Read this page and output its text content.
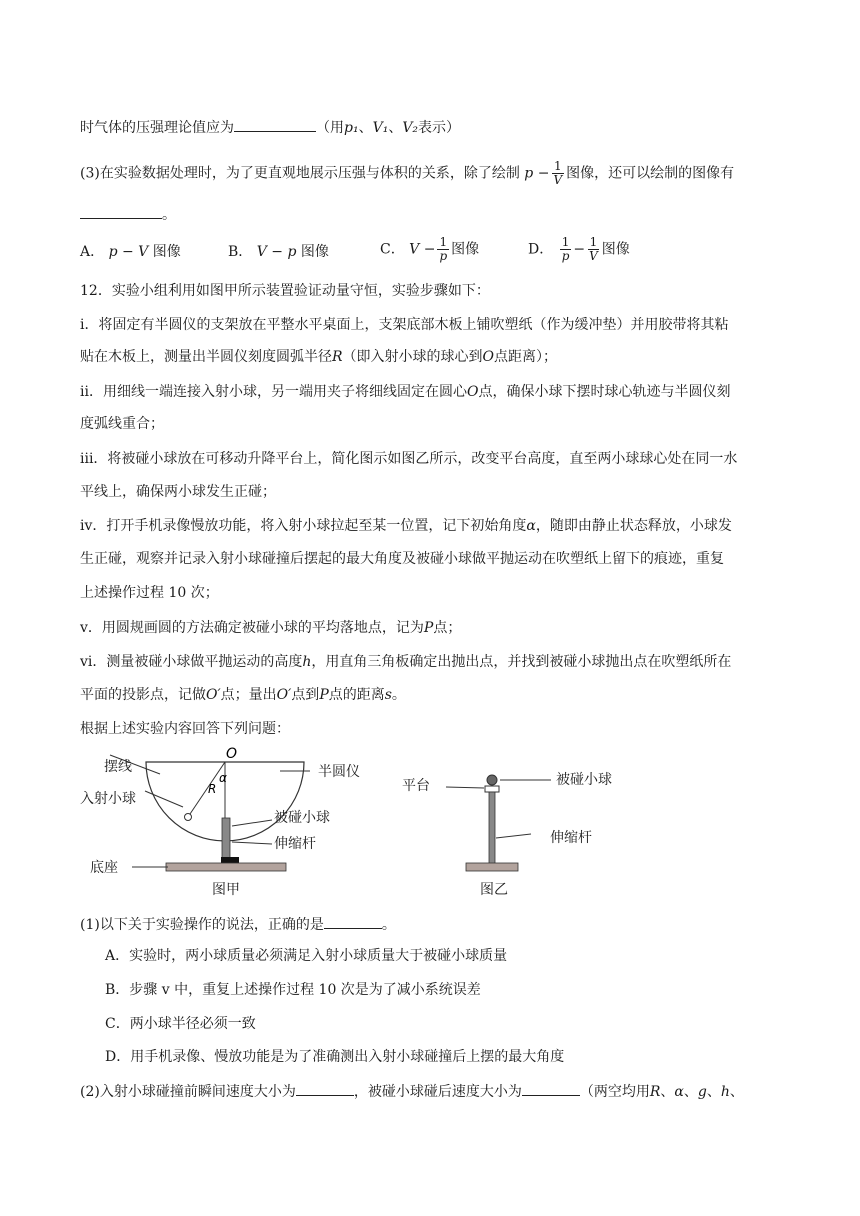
时气体的压强理论值应为	（用p₁、V₁、V₂表示）
(3)在实验数据处理时，为了更直观地展示压强与体积的关系，除了绘制 $p - \frac{1}{V}$ 图像，还可以绘制的图像有
。
A． p − V 图像	B． V − p 图像	C． $V - \frac{1}{p}$ 图像	D． $\frac{1}{p} - \frac{1}{V}$ 图像
12．实验小组利用如图甲所示装置验证动量守恒，实验步骤如下：
i．将固定有半圆仪的支架放在平整水平桌面上，支架底部木板上铺吹塑纸（作为缓冲垫）并用胶带将其粘
贴在木板上，测量出半圆仪刻度圆弧半径R（即入射小球的球心到O点距离）；
ii．用细线一端连接入射小球，另一端用夹子将细线固定在圆心O点，确保小球下摆时球心轨迹与半圆仪刻
度弧线重合；
iii．将被碰小球放在可移动升降平台上，简化图示如图乙所示，改变平台高度，直至两小球球心处在同一水
平线上，确保两小球发生正碰；
iv．打开手机录像慢放功能，将入射小球拉起至某一位置，记下初始角度α，随即由静止状态释放，小球发
生正碰，观察并记录入射小球碰撞后摆起的最大角度及被碰小球做平抛运动在吹塑纸上留下的痕迹，重复
上述操作过程 10 次；
v．用圆规画圆的方法确定被碰小球的平均落地点，记为P点；
vi．测量被碰小球做平抛运动的高度h，用直角三角板确定出抛出点，并找到被碰小球抛出点在吹塑纸所在
平面的投影点，记做O′点；量出O′点到P点的距离s。
根据上述实验内容回答下列问题：
O
α
R
摆线
入射小球
半圆仪
被碰小球
伸缩杆
底座
图甲
平台	被碰小球
伸缩杆
图乙
(1)以下关于实验操作的说法，正确的是	。
A．实验时，两小球质量必须满足入射小球质量大于被碰小球质量
B．步骤 v 中，重复上述操作过程 10 次是为了减小系统误差
C．两小球半径必须一致
D．用手机录像、慢放功能是为了准确测出入射小球碰撞后上摆的最大角度
(2)入射小球碰撞前瞬间速度大小为	，被碰小球碰后速度大小为	（两空均用R、α、g、h、
